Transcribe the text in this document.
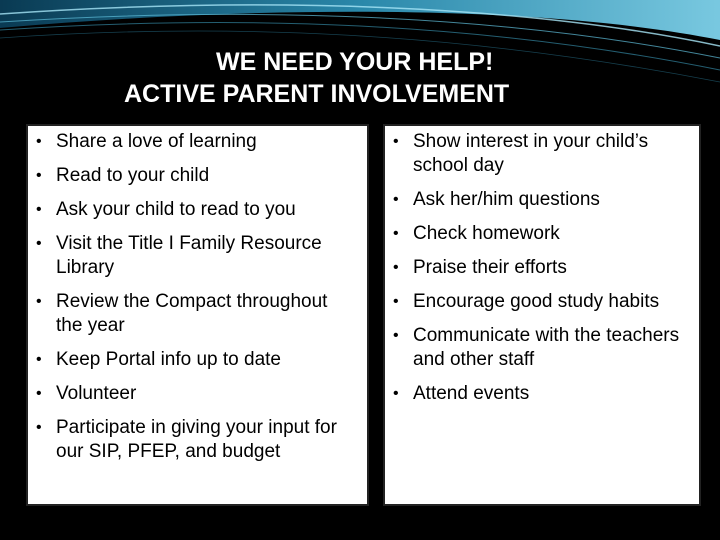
WE NEED YOUR HELP!
ACTIVE PARENT INVOLVEMENT
• Share a love of learning
• Read to your child
• Ask your child to read to you
• Visit the Title I Family Resource Library
• Review the Compact throughout the year
• Keep Portal info up to date
• Volunteer
• Participate in giving your input for our SIP, PFEP, and budget
• Show interest in your child’s school day
• Ask her/him questions
• Check homework
• Praise their efforts
• Encourage good study habits
• Communicate with the teachers and other staff
• Attend events
